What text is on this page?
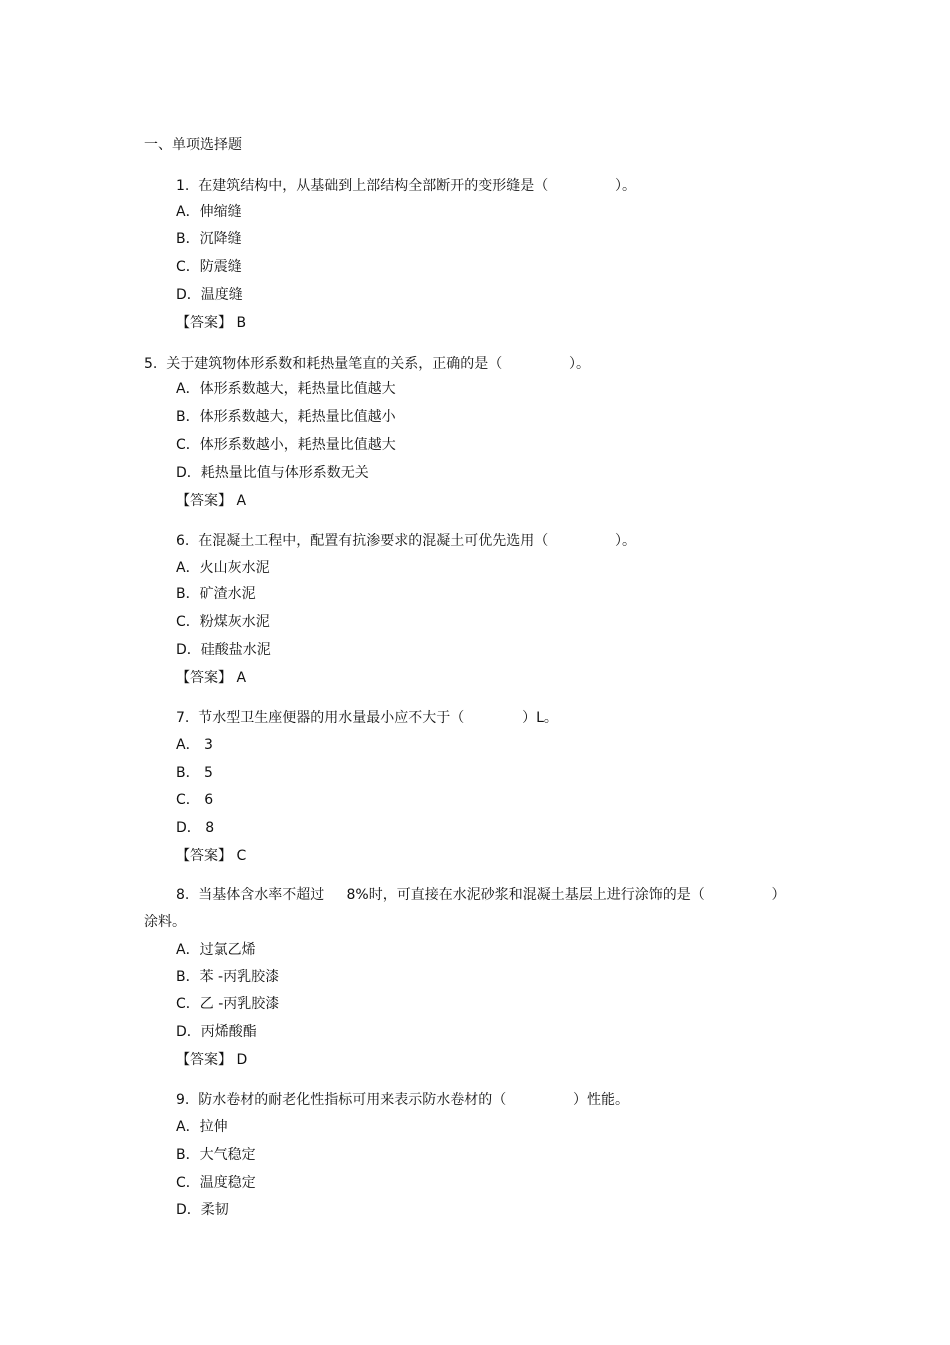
一、单项选择题
1.  在建筑结构中，从基础到上部结构全部断开的变形缝是（               ）。
A．伸缩缝
B．沉降缝
C．防震缝
D．温度缝
【答案】 B
5.  关于建筑物体形系数和耗热量笔直的关系，正确的是（               ）。
A．体形系数越大，耗热量比值越大
B．体形系数越大，耗热量比值越小
C．体形系数越小，耗热量比值越大
D．耗热量比值与体形系数无关
【答案】 A
6.  在混凝土工程中，配置有抗渗要求的混凝土可优先选用（               ）。
A．火山灰水泥
B．矿渣水泥
C．粉煤灰水泥
D．硅酸盐水泥
【答案】 A
7.  节水型卫生座便器的用水量最小应不大于（             ）L。
A． 3
B． 5
C． 6
D． 8
【答案】 C
8.  当基体含水率不超过     8%时，可直接在水泥砂浆和混凝土基层上进行涂饰的是（               ）
涂料。
A．过氯乙烯
B．苯 -丙乳胶漆
C．乙 -丙乳胶漆
D．丙烯酸酯
【答案】 D
9.  防水卷材的耐老化性指标可用来表示防水卷材的（               ）性能。
A．拉伸
B．大气稳定
C．温度稳定
D．柔韧
